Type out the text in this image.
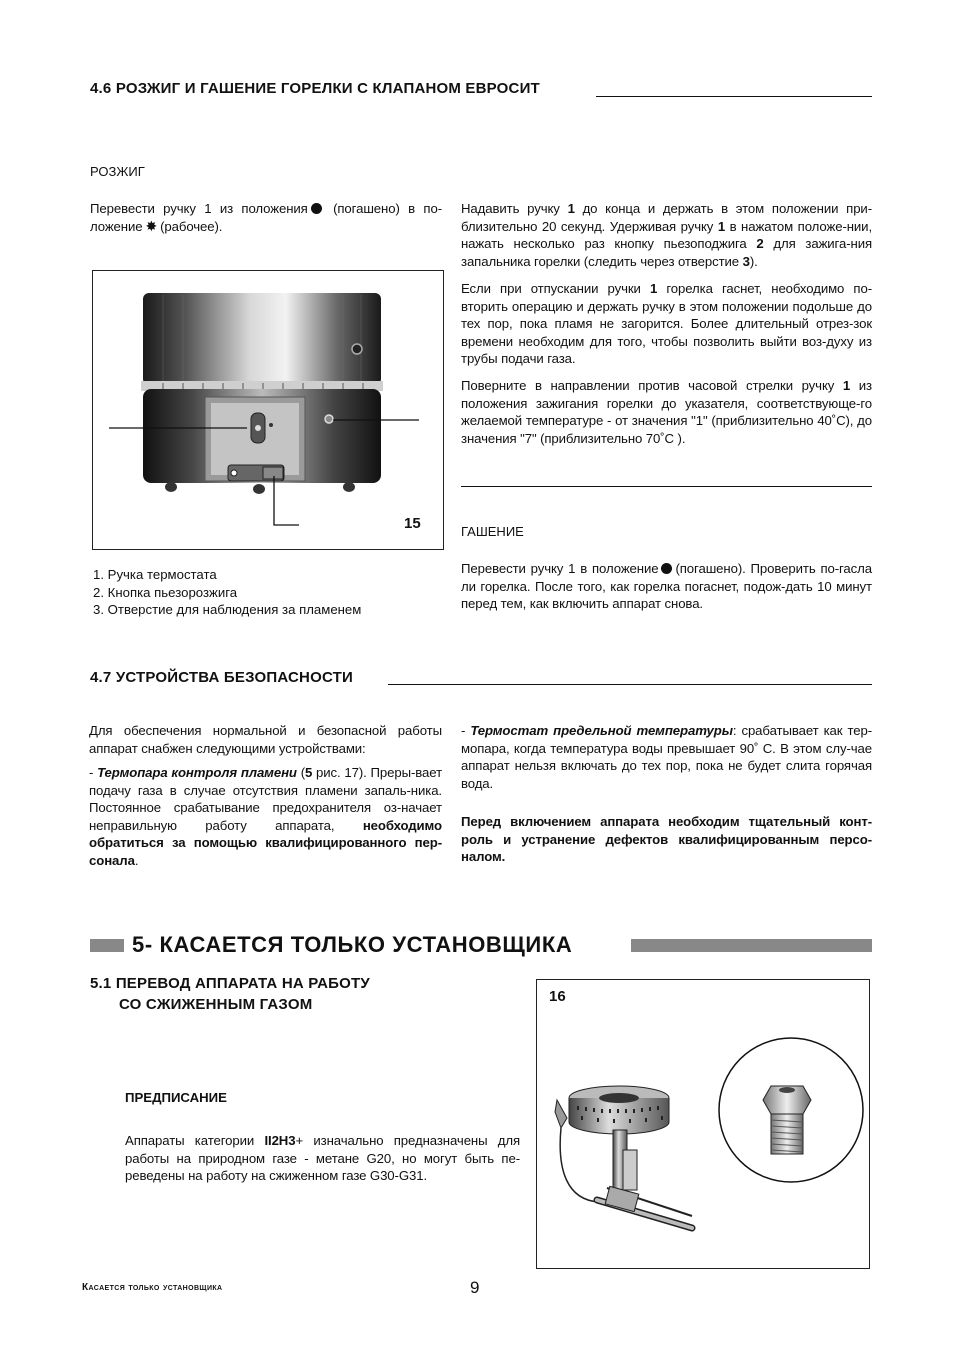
4.6 РОЗЖИГ И ГАШЕНИЕ ГОРЕЛКИ С КЛАПАНОМ ЕВРОСИТ
РОЗЖИГ

Перевести ручку 1 из положения (погашено) в по-ложение ✸ (рабочее).

Надавить ручку 1 до конца и держать в этом положении при-близительно 20 секунд. Удерживая ручку 1 в нажатом положе-нии, нажать несколько раз кнопку пьезоподжига 2 для зажига-ния запальника горелки (следить через отверстие 3).

Если при отпускании ручки 1 горелка гаснет, необходимо по-вторить операцию и держать ручку в этом положении подольше до тех пор, пока пламя не загорится. Более длительный отрез-зок времени необходим для того, чтобы позволить выйти воз-духу из трубы подачи газа.

Поверните в направлении против часовой стрелки ручку 1 из положения зажигания горелки до указателя, соответствующе-го желаемой температуре - от значения "1" (приблизительно 40˚С), до значения "7" (приблизительно 70˚С ).

15
1. Ручка термостата
2. Кнопка пьезорозжига
3. Отверстие для наблюдения за пламенем
ГАШЕНИЕ

Перевести ручку 1 в положение (погашено). Проверить по-гасла ли горелка. После того, как горелка погаснет, подож-дать 10 минут перед тем, как включить аппарат снова.

4.7 УСТРОЙСТВА БЕЗОПАСНОСТИ

Для обеспечения нормальной и безопасной работы аппарат снабжен следующими устройствами:

- Термопара контроля пламени (5 рис. 17). Преры-вает подачу газа в случае отсутствия пламени запаль-ника. Постоянное срабатывание предохранителя оз-начает неправильную работу аппарата, необходимо обратиться за помощью квалифицированного пер-сонала.

- Термостат предельной температуры: срабатывает как тер-мопара, когда температура воды превышает 90˚ С. В этом слу-чае аппарат нельзя включать до тех пор, пока не будет слита горячая вода.

Перед включением аппарата необходим тщательный конт-роль и устранение дефектов квалифицированным персо-налом.

5- КАСАЕТСЯ ТОЛЬКО УСТАНОВЩИКА
5.1 ПЕРЕВОД АППАРАТА НА РАБОТУ
СО СЖИЖЕННЫМ ГАЗОМ
ПРЕДПИСАНИЕ

Аппараты категории II2H3+ изначально предназначены для работы на природном газе - метане G20, но могут быть пе-реведены на работу на сжиженном газе G30-G31.

16
Касается только установщика	9
